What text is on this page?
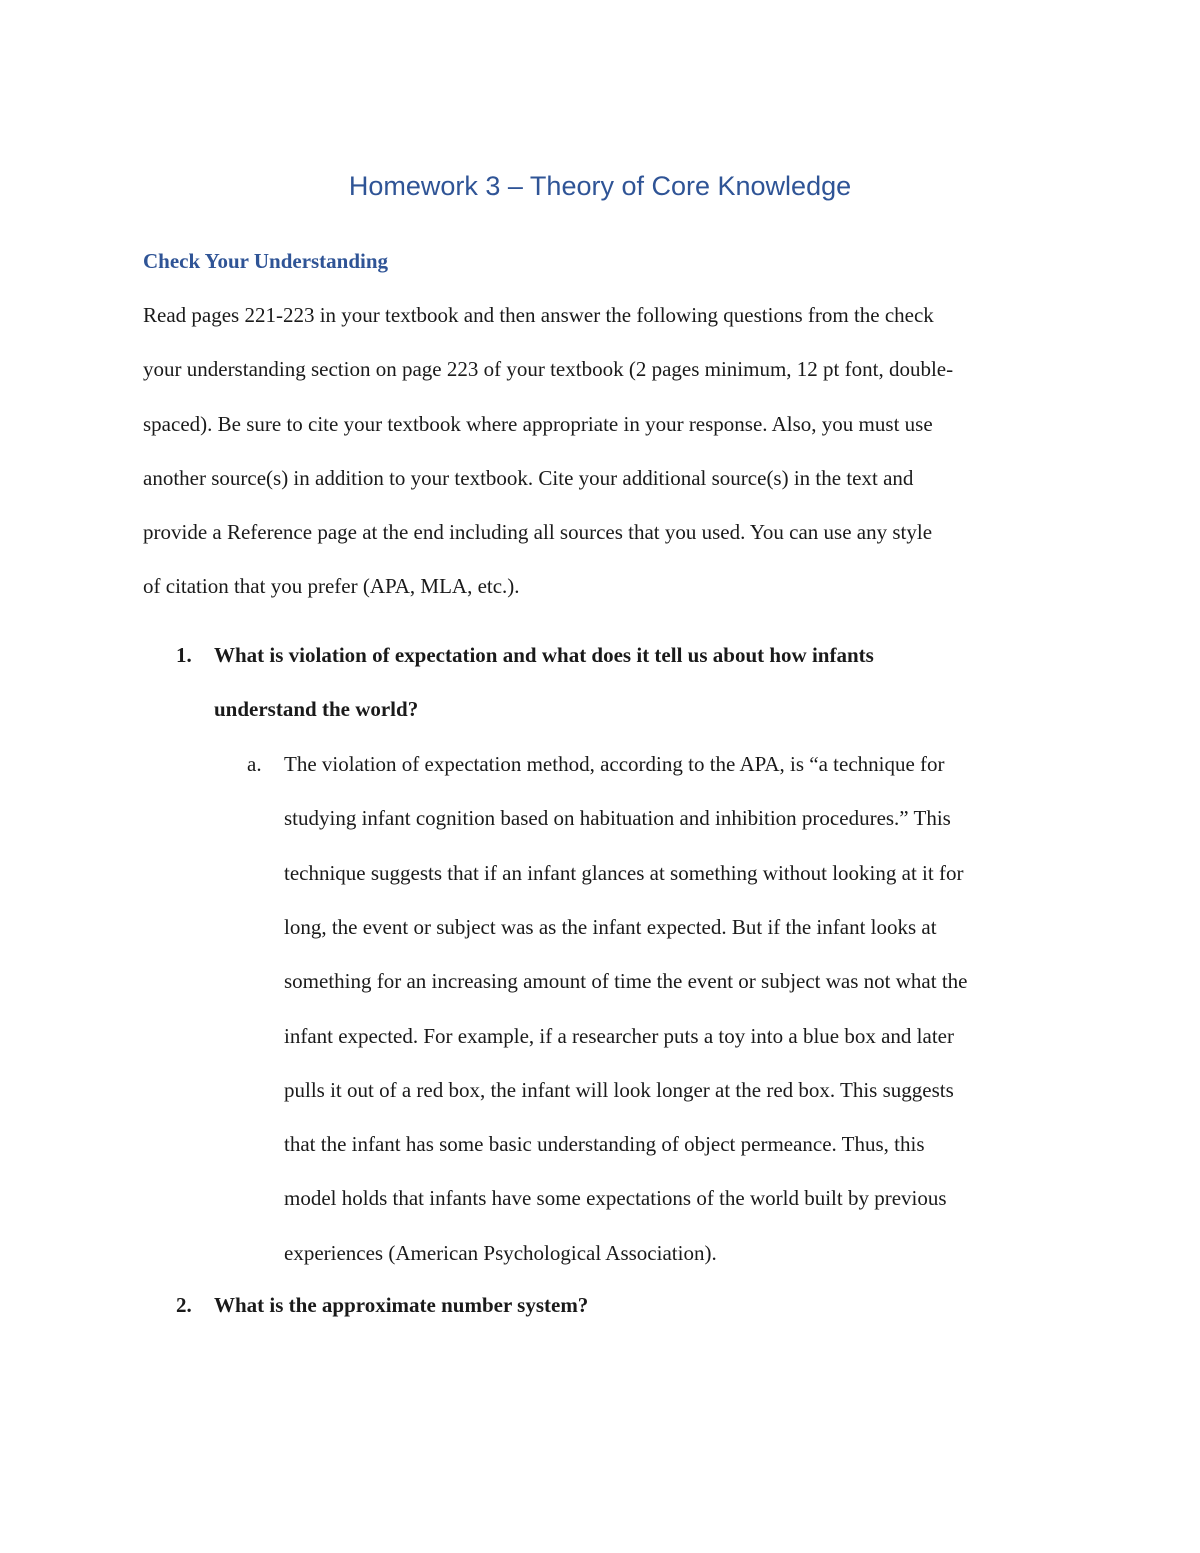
Homework 3 – Theory of Core Knowledge
Check Your Understanding
Read pages 221-223 in your textbook and then answer the following questions from the check
your understanding section on page 223 of your textbook (2 pages minimum, 12 pt font, double-
spaced). Be sure to cite your textbook where appropriate in your response. Also, you must use
another source(s) in addition to your textbook. Cite your additional source(s) in the text and
provide a Reference page at the end including all sources that you used. You can use any style
of citation that you prefer (APA, MLA, etc.).
1. What is violation of expectation and what does it tell us about how infants
understand the world?
a. The violation of expectation method, according to the APA, is “a technique for
studying infant cognition based on habituation and inhibition procedures.” This
technique suggests that if an infant glances at something without looking at it for
long, the event or subject was as the infant expected. But if the infant looks at
something for an increasing amount of time the event or subject was not what the
infant expected. For example, if a researcher puts a toy into a blue box and later
pulls it out of a red box, the infant will look longer at the red box. This suggests
that the infant has some basic understanding of object permeance. Thus, this
model holds that infants have some expectations of the world built by previous
experiences (American Psychological Association).
2. What is the approximate number system?
